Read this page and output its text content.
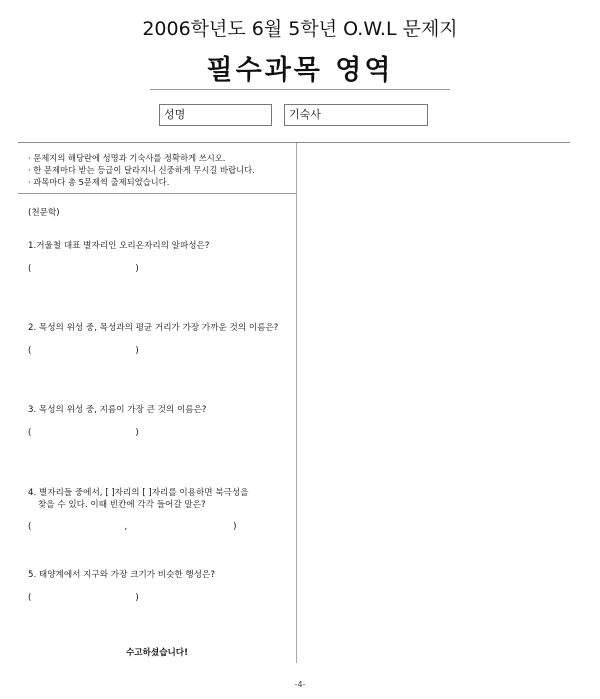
2006학년도 6월 5학년 O.W.L 문제지
필수과목 영역
성명	기숙사
· 문제지의 해당란에 성명과 기숙사를 정확하게 쓰시오.
· 한 문제마다 받는 등급이 달라지니 신중하게 무시길 바랍니다.
· 과목마다 총 5문제씩 출제되었습니다.
(천문학)
1.거울철 대표 별자리인 오리온자리의 알파성은?
(	)
2. 목성의 위성 중, 목성과의 평균 거리가 가장 가까운 것의 이름은?
(	)
3. 목성의 위성 중, 지름이 가장 큰 것의 이름은?
(	)
4. 별자리들 중에서, [ ]자리의 [ ]자리를 이용하면 북극성을
찾을 수 있다. 이때 빈칸에 각각 들어갈 말은?
(	,	)
5. 태양계에서 지구와 가장 크기가 비슷한 행성은?
(	)
수고하셨습니다!
-4-
